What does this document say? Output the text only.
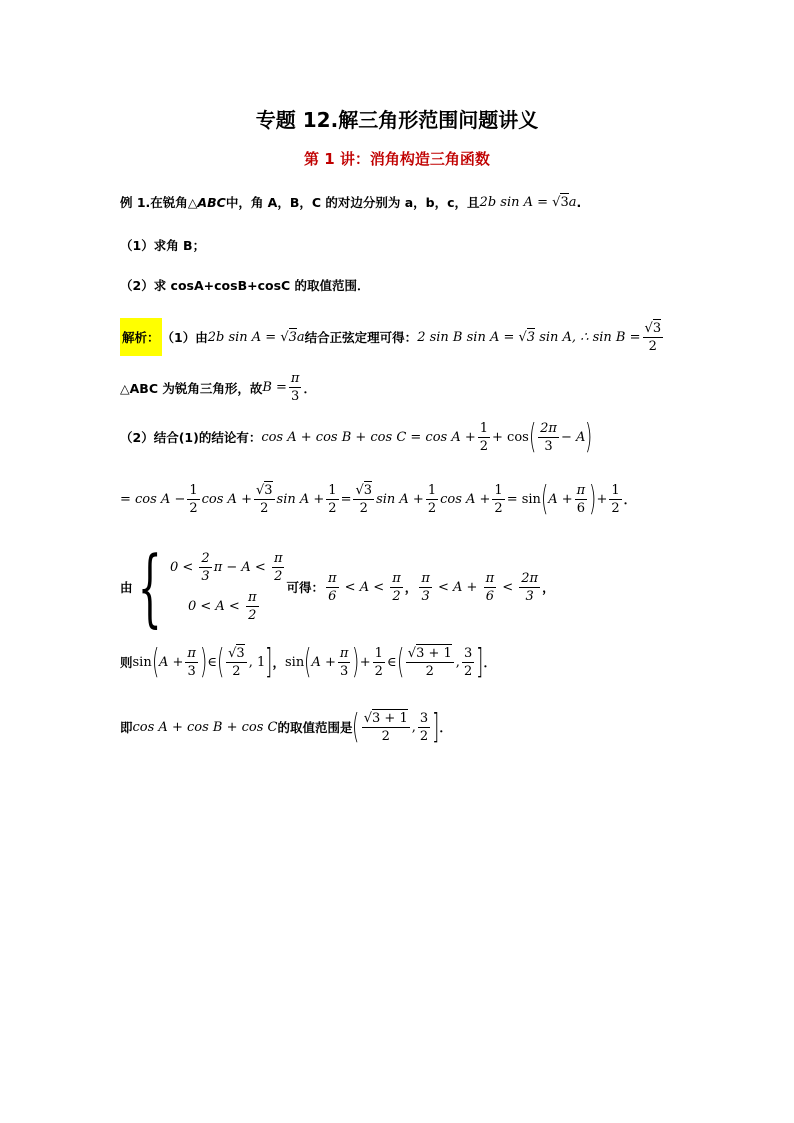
专题 12.解三角形范围问题讲义
第 1 讲：消角构造三角函数
例 1.在锐角 △ABC 中，角 A，B，C 的对边分别为 a，b，c，且 2b sin A = √3a .
（1）求角 B；
（2）求 cosA+cosB+cosC 的取值范围．
解析： （1）由 2b sin A = √3a 结合正弦定理可得： 2 sin B sin A = √3 sin A, ∴ $\sin B = \frac{√3}{2}$
△ABC 为锐角三角形，故 $B = \frac{\pi}{3}$ ．
（2）结合(1)的结论有： $\cos A + \cos B + \cos C = \cos A + \frac{1}{2} + \cos$ ( $\frac{2\pi}{3} - A$ )
= $\cos A - \frac{1}{2}$ $\cos A + \frac{√3}{2}$ $\sin A + \frac{1}{2} = \frac{√3}{2}$ $\sin A + \frac{1}{2}$ $\cos A + \frac{1}{2} = \sin$ ( $A + \frac{\pi}{6}$ ) + $\frac{1}{2}$ ．
由 { $0 < \frac{2}{3}$ $\pi - A < \frac{\pi}{2}$
$0 < A < \frac{\pi}{2}$
可得： $\frac{\pi}{6} < A < \frac{\pi}{2}$ ， $\frac{\pi}{3} < A + \frac{\pi}{6} < \frac{2\pi}{3}$ ，
则 sin ( $A + \frac{\pi}{3}$ ) ∈ ( $\frac{√3}{2}$ , 1 ] ， sin ( $A + \frac{\pi}{3}$ ) + $\frac{1}{2}$ ∈ ( $\frac{√3 + 1}{2}$ , $\frac{3}{2}$ ] ．
即 cos A + cos B + cos C 的取值范围是 ( $\frac{√3 + 1}{2}$ , $\frac{3}{2}$ ] ．
